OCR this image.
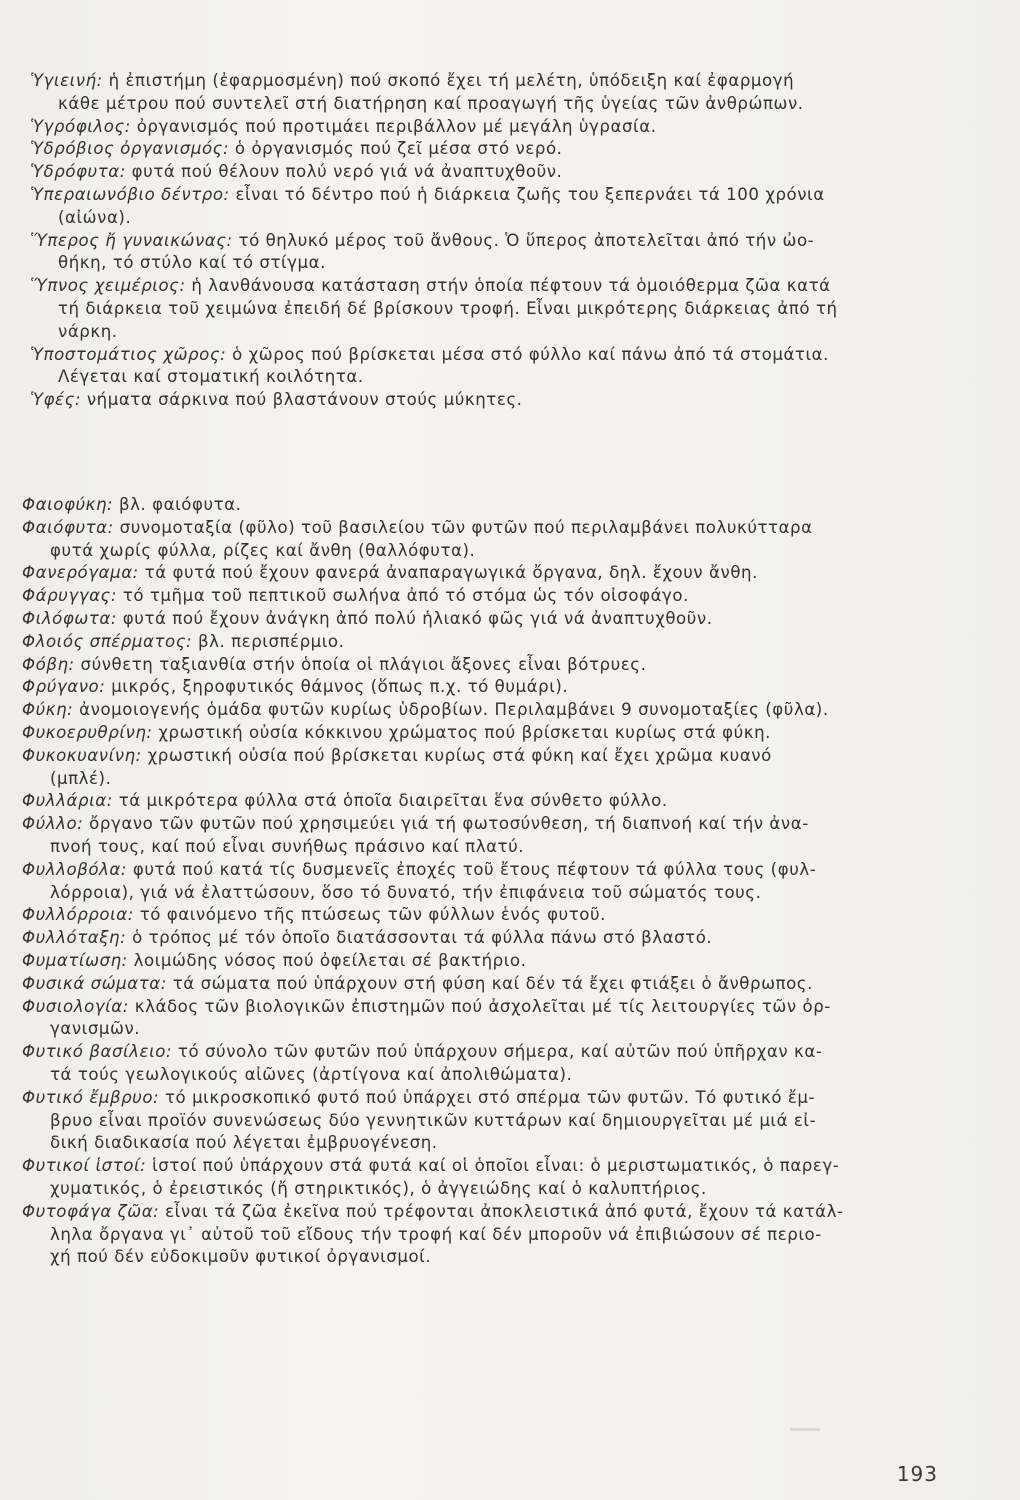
Ὑγιεινή: ἡ ἐπιστήμη (ἐφαρμοσμένη) πού σκοπό ἔχει τή μελέτη, ὑπόδειξη καί ἐφαρμογή
κάθε μέτρου πού συντελεῖ στή διατήρηση καί προαγωγή τῆς ὑγείας τῶν ἀνθρώπων.
Ὑγρόφιλος: ὀργανισμός πού προτιμάει περιβάλλον μέ μεγάλη ὑγρασία.
Ὑδρόβιος ὀργανισμός: ὁ ὀργανισμός πού ζεῖ μέσα στό νερό.
Ὑδρόφυτα: φυτά πού θέλουν πολύ νερό γιά νά ἀναπτυχθοῦν.
Ὑπεραιωνόβιο δέντρο: εἶναι τό δέντρο πού ἡ διάρκεια ζωῆς του ξεπερνάει τά 100 χρόνια
(αἰώνα).
Ὕπερος ἤ γυναικώνας: τό θηλυκό μέρος τοῦ ἄνθους. Ὁ ὕπερος ἀποτελεῖται ἀπό τήν ὠο-
θήκη, τό στύλο καί τό στίγμα.
Ὕπνος χειμέριος: ἡ λανθάνουσα κατάσταση στήν ὁποία πέφτουν τά ὁμοιόθερμα ζῶα κατά
τή διάρκεια τοῦ χειμώνα ἐπειδή δέ βρίσκουν τροφή. Εἶναι μικρότερης διάρκειας ἀπό τή
νάρκη.
Ὑποστομάτιος χῶρος: ὁ χῶρος πού βρίσκεται μέσα στό φύλλο καί πάνω ἀπό τά στομάτια.
Λέγεται καί στοματική κοιλότητα.
Ὑφές: νήματα σάρκινα πού βλαστάνουν στούς μύκητες.
Φαιοφύκη: βλ. φαιόφυτα.
Φαιόφυτα: συνομοταξία (φῦλο) τοῦ βασιλείου τῶν φυτῶν πού περιλαμβάνει πολυκύτταρα
φυτά χωρίς φύλλα, ρίζες καί ἄνθη (θαλλόφυτα).
Φανερόγαμα: τά φυτά πού ἔχουν φανερά ἀναπαραγωγικά ὄργανα, δηλ. ἔχουν ἄνθη.
Φάρυγγας: τό τμῆμα τοῦ πεπτικοῦ σωλήνα ἀπό τό στόμα ὡς τόν οἰσοφάγο.
Φιλόφωτα: φυτά πού ἔχουν ἀνάγκη ἀπό πολύ ἡλιακό φῶς γιά νά ἀναπτυχθοῦν.
Φλοιός σπέρματος: βλ. περισπέρμιο.
Φόβη: σύνθετη ταξιανθία στήν ὁποία οἱ πλάγιοι ἄξονες εἶναι βότρυες.
Φρύγανο: μικρός, ξηροφυτικός θάμνος (ὅπως π.χ. τό θυμάρι).
Φύκη: ἀνομοιογενής ὁμάδα φυτῶν κυρίως ὑδροβίων. Περιλαμβάνει 9 συνομοταξίες (φῦλα).
Φυκοερυθρίνη: χρωστική οὐσία κόκκινου χρώματος πού βρίσκεται κυρίως στά φύκη.
Φυκοκυανίνη: χρωστική οὐσία πού βρίσκεται κυρίως στά φύκη καί ἔχει χρῶμα κυανό
(μπλέ).
Φυλλάρια: τά μικρότερα φύλλα στά ὁποῖα διαιρεῖται ἕνα σύνθετο φύλλο.
Φύλλο: ὄργανο τῶν φυτῶν πού χρησιμεύει γιά τή φωτοσύνθεση, τή διαπνοή καί τήν ἀνα-
πνοή τους, καί πού εἶναι συνήθως πράσινο καί πλατύ.
Φυλλοβόλα: φυτά πού κατά τίς δυσμενεῖς ἐποχές τοῦ ἔτους πέφτουν τά φύλλα τους (φυλ-
λόρροια), γιά νά ἐλαττώσουν, ὅσο τό δυνατό, τήν ἐπιφάνεια τοῦ σώματός τους.
Φυλλόρροια: τό φαινόμενο τῆς πτώσεως τῶν φύλλων ἑνός φυτοῦ.
Φυλλόταξη: ὁ τρόπος μέ τόν ὁποῖο διατάσσονται τά φύλλα πάνω στό βλαστό.
Φυματίωση: λοιμώδης νόσος πού ὀφείλεται σέ βακτήριο.
Φυσικά σώματα: τά σώματα πού ὑπάρχουν στή φύση καί δέν τά ἔχει φτιάξει ὁ ἄνθρωπος.
Φυσιολογία: κλάδος τῶν βιολογικῶν ἐπιστημῶν πού ἀσχολεῖται μέ τίς λειτουργίες τῶν ὀρ-
γανισμῶν.
Φυτικό βασίλειο: τό σύνολο τῶν φυτῶν πού ὑπάρχουν σήμερα, καί αὐτῶν πού ὑπῆρχαν κα-
τά τούς γεωλογικούς αἰῶνες (ἀρτίγονα καί ἀπολιθώματα).
Φυτικό ἔμβρυο: τό μικροσκοπικό φυτό πού ὑπάρχει στό σπέρμα τῶν φυτῶν. Τό φυτικό ἔμ-
βρυο εἶναι προϊόν συνενώσεως δύο γεννητικῶν κυττάρων καί δημιουργεῖται μέ μιά εἰ-
δική διαδικασία πού λέγεται ἐμβρυογένεση.
Φυτικοί ἱστοί: ἱστοί πού ὑπάρχουν στά φυτά καί οἱ ὁποῖοι εἶναι: ὁ μεριστωματικός, ὁ παρεγ-
χυματικός, ὁ ἐρειστικός (ἤ στηρικτικός), ὁ ἀγγειώδης καί ὁ καλυπτήριος.
Φυτοφάγα ζῶα: εἶναι τά ζῶα ἐκεῖνα πού τρέφονται ἀποκλειστικά ἀπό φυτά, ἔχουν τά κατάλ-
ληλα ὄργανα γι᾽ αὐτοῦ τοῦ εἴδους τήν τροφή καί δέν μποροῦν νά ἐπιβιώσουν σέ περιο-
χή πού δέν εὐδοκιμοῦν φυτικοί ὀργανισμοί.
193
